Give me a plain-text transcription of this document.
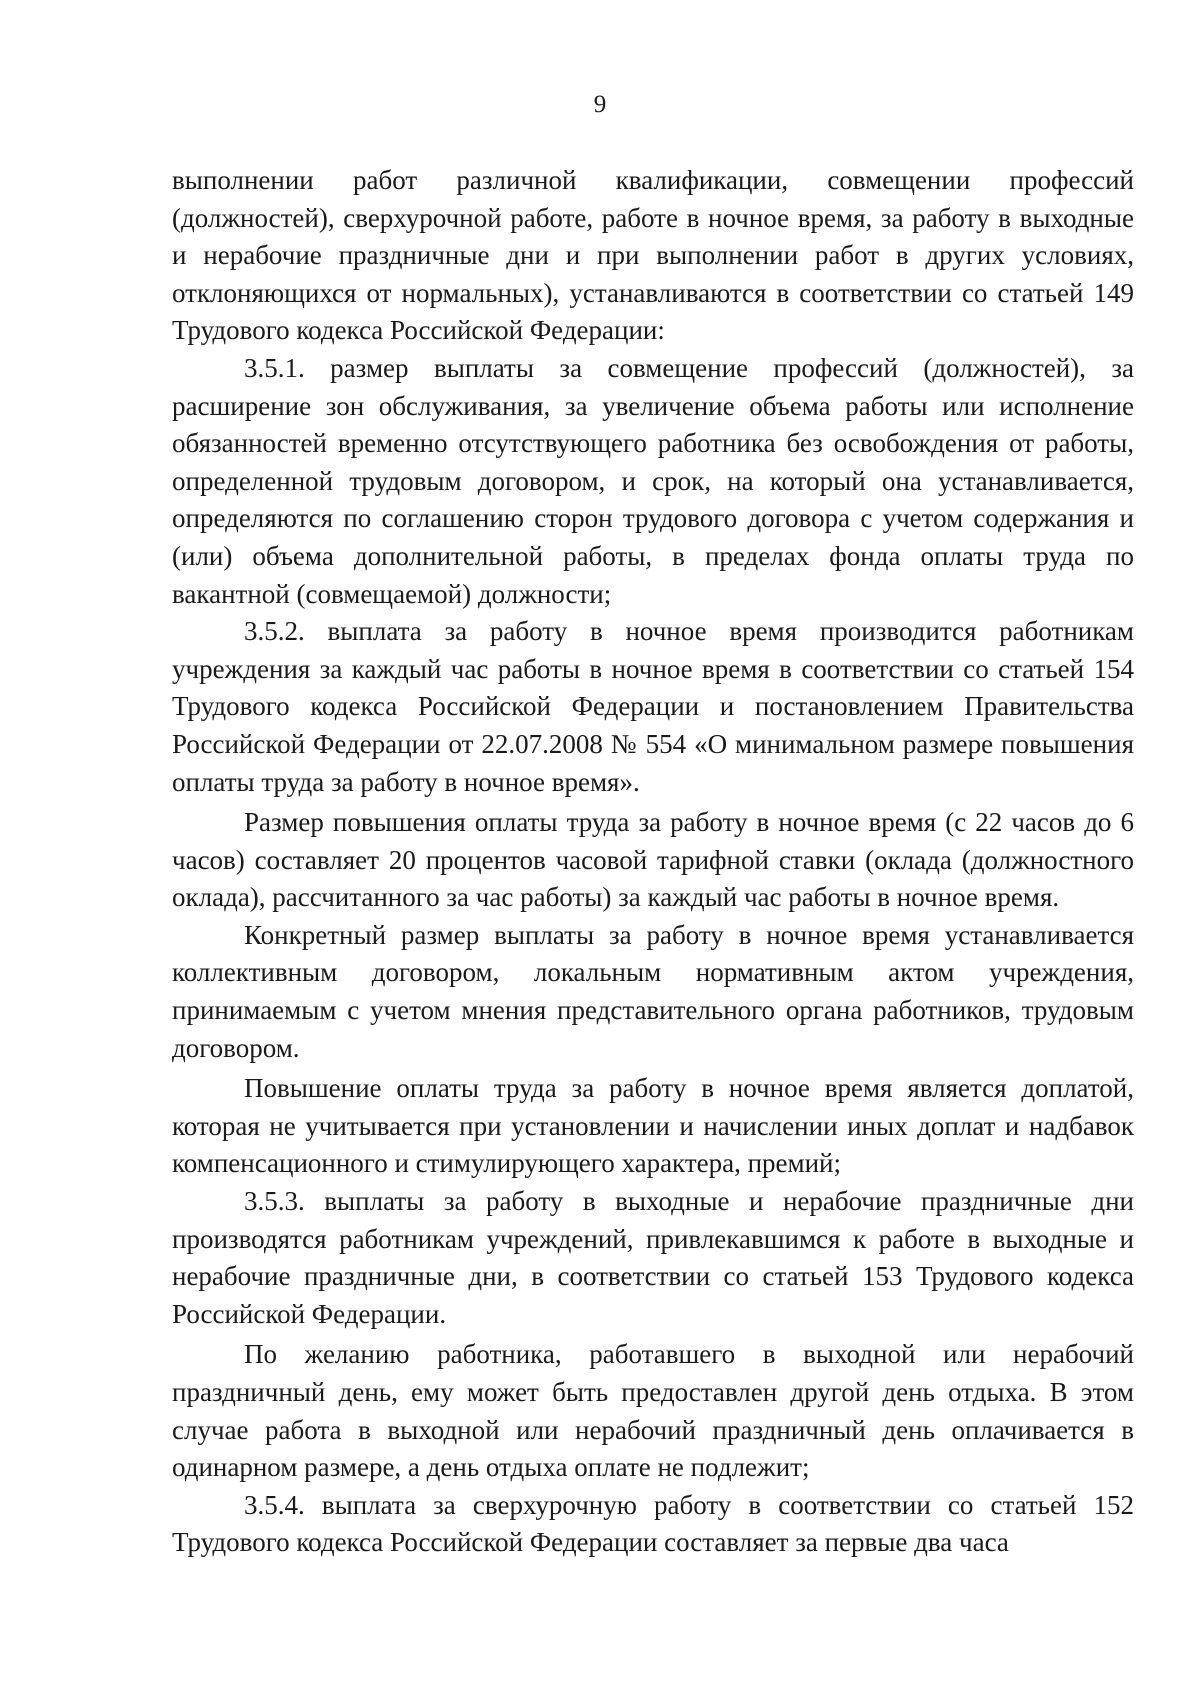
9

выполнении работ различной квалификации, совмещении профессий (должностей), сверхурочной работе, работе в ночное время, за работу в выходные и нерабочие праздничные дни и при выполнении работ в других условиях, отклоняющихся от нормальных), устанавливаются в соответствии со статьей 149 Трудового кодекса Российской Федерации:

3.5.1. размер выплаты за совмещение профессий (должностей), за расширение зон обслуживания, за увеличение объема работы или исполнение обязанностей временно отсутствующего работника без освобождения от работы, определенной трудовым договором, и срок, на который она устанавливается, определяются по соглашению сторон трудового договора с учетом содержания и (или) объема дополнительной работы, в пределах фонда оплаты труда по вакантной (совмещаемой) должности;

3.5.2. выплата за работу в ночное время производится работникам учреждения за каждый час работы в ночное время в соответствии со статьей 154 Трудового кодекса Российской Федерации и постановлением Правительства Российской Федерации от 22.07.2008 № 554 «О минимальном размере повышения оплаты труда за работу в ночное время».

Размер повышения оплаты труда за работу в ночное время (с 22 часов до 6 часов) составляет 20 процентов часовой тарифной ставки (оклада (должностного оклада), рассчитанного за час работы) за каждый час работы в ночное время.

Конкретный размер выплаты за работу в ночное время устанавливается коллективным договором, локальным нормативным актом учреждения, принимаемым с учетом мнения представительного органа работников, трудовым договором.

Повышение оплаты труда за работу в ночное время является доплатой, которая не учитывается при установлении и начислении иных доплат и надбавок компенсационного и стимулирующего характера, премий;

3.5.3. выплаты за работу в выходные и нерабочие праздничные дни производятся работникам учреждений, привлекавшимся к работе в выходные и нерабочие праздничные дни, в соответствии со статьей 153 Трудового кодекса Российской Федерации.

По желанию работника, работавшего в выходной или нерабочий праздничный день, ему может быть предоставлен другой день отдыха. В этом случае работа в выходной или нерабочий праздничный день оплачивается в одинарном размере, а день отдыха оплате не подлежит;

3.5.4. выплата за сверхурочную работу в соответствии со статьей 152 Трудового кодекса Российской Федерации составляет за первые два часа
